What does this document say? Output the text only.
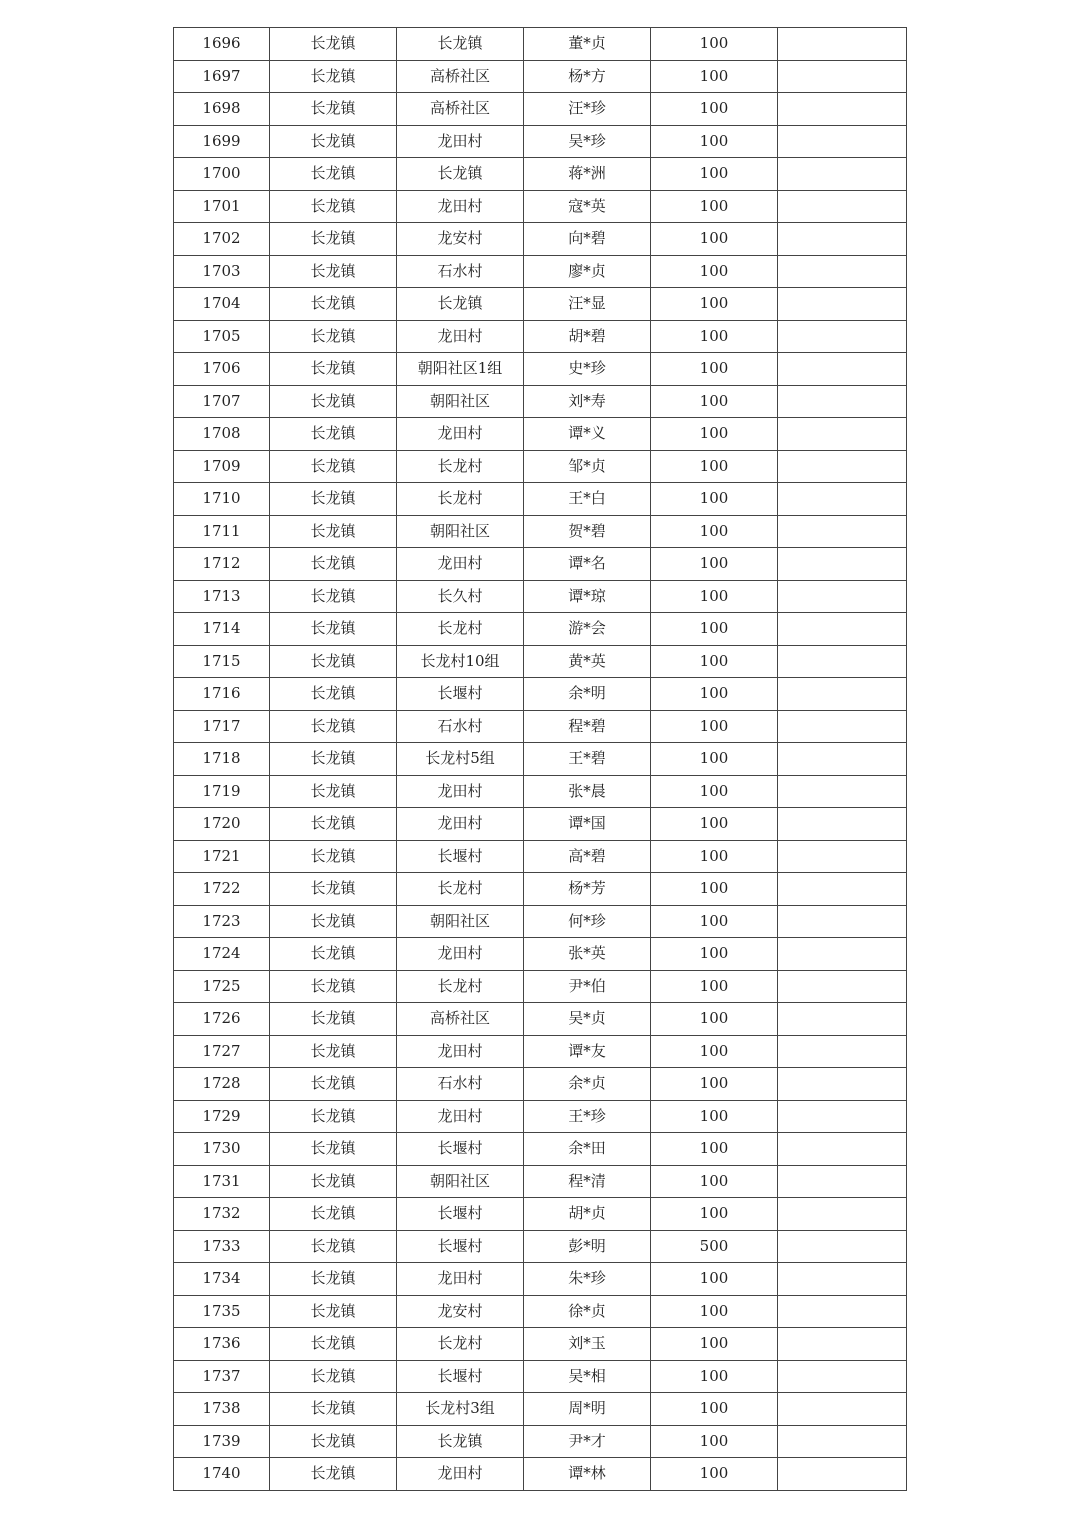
1696	长龙镇	长龙镇	董*贞	100	
1697	长龙镇	高桥社区	杨*方	100	
1698	长龙镇	高桥社区	汪*珍	100	
1699	长龙镇	龙田村	吴*珍	100	
1700	长龙镇	长龙镇	蒋*洲	100	
1701	长龙镇	龙田村	寇*英	100	
1702	长龙镇	龙安村	向*碧	100	
1703	长龙镇	石水村	廖*贞	100	
1704	长龙镇	长龙镇	汪*显	100	
1705	长龙镇	龙田村	胡*碧	100	
1706	长龙镇	朝阳社区1组	史*珍	100	
1707	长龙镇	朝阳社区	刘*寿	100	
1708	长龙镇	龙田村	谭*义	100	
1709	长龙镇	长龙村	邹*贞	100	
1710	长龙镇	长龙村	王*白	100	
1711	长龙镇	朝阳社区	贺*碧	100	
1712	长龙镇	龙田村	谭*名	100	
1713	长龙镇	长久村	谭*琼	100	
1714	长龙镇	长龙村	游*会	100	
1715	长龙镇	长龙村10组	黄*英	100	
1716	长龙镇	长堰村	余*明	100	
1717	长龙镇	石水村	程*碧	100	
1718	长龙镇	长龙村5组	王*碧	100	
1719	长龙镇	龙田村	张*晨	100	
1720	长龙镇	龙田村	谭*国	100	
1721	长龙镇	长堰村	高*碧	100	
1722	长龙镇	长龙村	杨*芳	100	
1723	长龙镇	朝阳社区	何*珍	100	
1724	长龙镇	龙田村	张*英	100	
1725	长龙镇	长龙村	尹*伯	100	
1726	长龙镇	高桥社区	吴*贞	100	
1727	长龙镇	龙田村	谭*友	100	
1728	长龙镇	石水村	余*贞	100	
1729	长龙镇	龙田村	王*珍	100	
1730	长龙镇	长堰村	余*田	100	
1731	长龙镇	朝阳社区	程*清	100	
1732	长龙镇	长堰村	胡*贞	100	
1733	长龙镇	长堰村	彭*明	500	
1734	长龙镇	龙田村	朱*珍	100	
1735	长龙镇	龙安村	徐*贞	100	
1736	长龙镇	长龙村	刘*玉	100	
1737	长龙镇	长堰村	吴*相	100	
1738	长龙镇	长龙村3组	周*明	100	
1739	长龙镇	长龙镇	尹*才	100	
1740	长龙镇	龙田村	谭*林	100	
